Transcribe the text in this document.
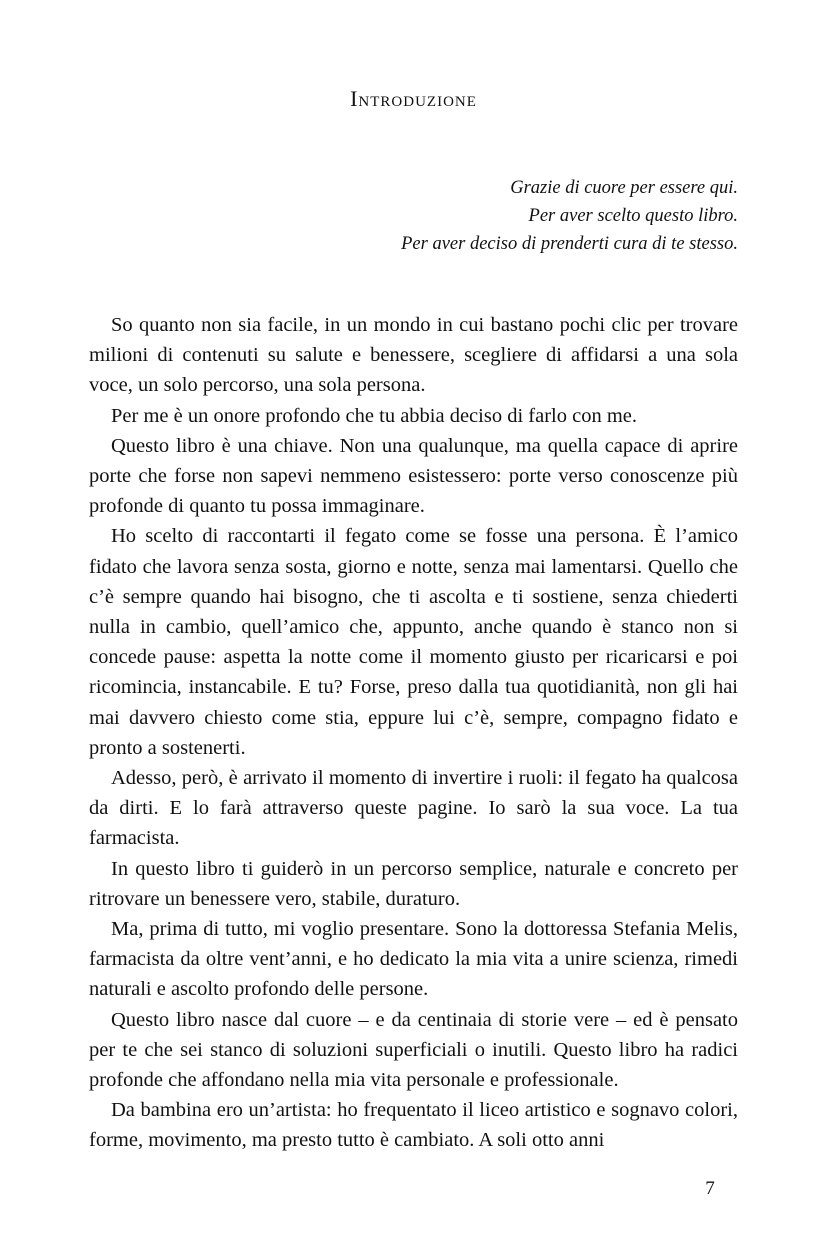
Introduzione
Grazie di cuore per essere qui.
Per aver scelto questo libro.
Per aver deciso di prenderti cura di te stesso.

So quanto non sia facile, in un mondo in cui bastano pochi clic per trovare milioni di contenuti su salute e benessere, scegliere di affidarsi a una sola voce, un solo percorso, una sola persona.

Per me è un onore profondo che tu abbia deciso di farlo con me.

Questo libro è una chiave. Non una qualunque, ma quella capace di aprire porte che forse non sapevi nemmeno esistessero: porte verso conoscenze più profonde di quanto tu possa immaginare.

Ho scelto di raccontarti il fegato come se fosse una persona. È l’amico fidato che lavora senza sosta, giorno e notte, senza mai lamentarsi. Quello che c’è sempre quando hai bisogno, che ti ascolta e ti sostiene, senza chiederti nulla in cambio, quell’amico che, appunto, anche quando è stanco non si concede pause: aspetta la notte come il momento giusto per ricaricarsi e poi ricomincia, instancabile. E tu? Forse, preso dalla tua quotidianità, non gli hai mai davvero chiesto come stia, eppure lui c’è, sempre, compagno fidato e pronto a sostenerti.

Adesso, però, è arrivato il momento di invertire i ruoli: il fegato ha qualcosa da dirti. E lo farà attraverso queste pagine. Io sarò la sua voce. La tua farmacista.

In questo libro ti guiderò in un percorso semplice, naturale e concreto per ritrovare un benessere vero, stabile, duraturo.

Ma, prima di tutto, mi voglio presentare. Sono la dottoressa Stefania Melis, farmacista da oltre vent’anni, e ho dedicato la mia vita a unire scienza, rimedi naturali e ascolto profondo delle persone.

Questo libro nasce dal cuore – e da centinaia di storie vere – ed è pensato per te che sei stanco di soluzioni superficiali o inutili. Questo libro ha radici profonde che affondano nella mia vita personale e professionale.

Da bambina ero un’artista: ho frequentato il liceo artistico e sognavo colori, forme, movimento, ma presto tutto è cambiato. A soli otto anni

7
